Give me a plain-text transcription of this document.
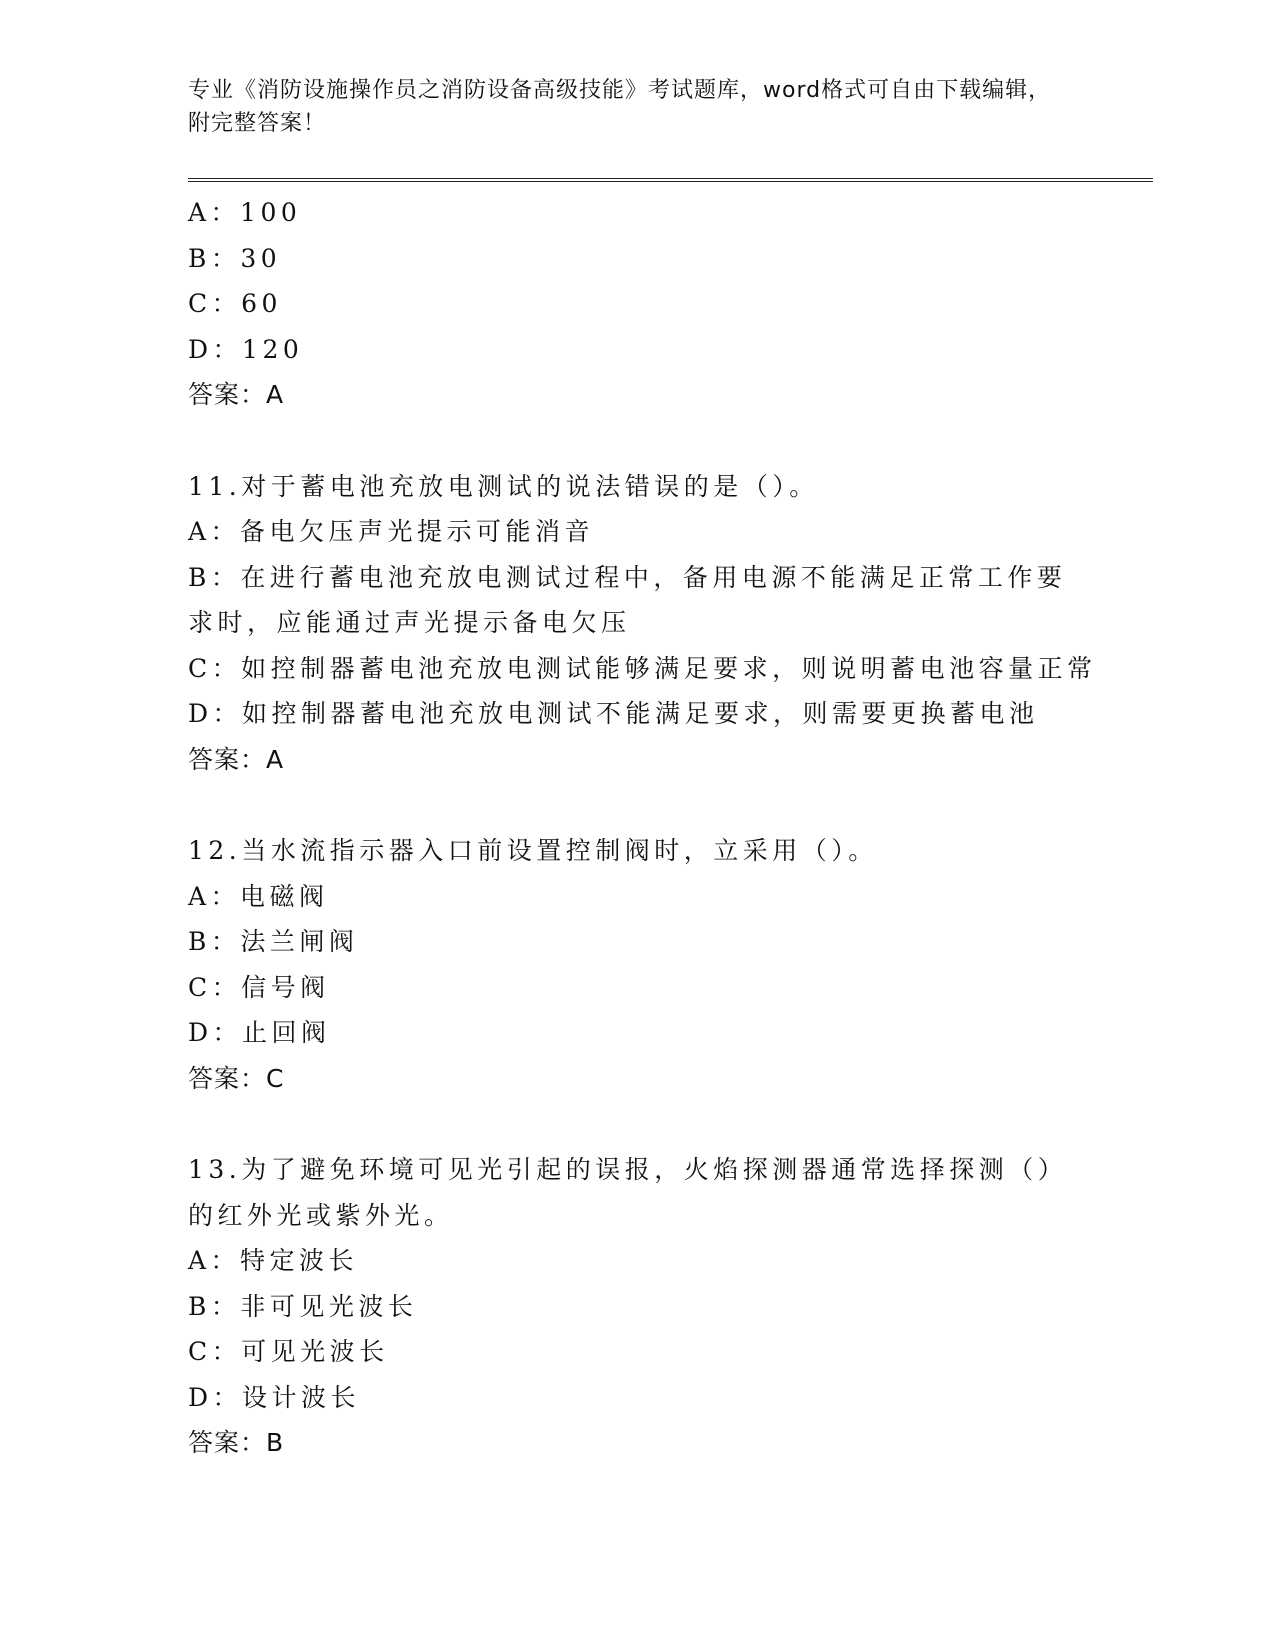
专业《消防设施操作员之消防设备高级技能》考试题库，word格式可自由下载编辑，附完整答案！
A：100
B：30
C：60
D：120
答案：A
11.对于蓄电池充放电测试的说法错误的是（）。
A：备电欠压声光提示可能消音
B：在进行蓄电池充放电测试过程中，备用电源不能满足正常工作要求时，应能通过声光提示备电欠压
C：如控制器蓄电池充放电测试能够满足要求，则说明蓄电池容量正常
D：如控制器蓄电池充放电测试不能满足要求，则需要更换蓄电池
答案：A
12.当水流指示器入口前设置控制阀时，立采用（）。
A：电磁阀
B：法兰闸阀
C：信号阀
D：止回阀
答案：C
13.为了避免环境可见光引起的误报，火焰探测器通常选择探测（）的红外光或紫外光。
A：特定波长
B：非可见光波长
C：可见光波长
D：设计波长
答案：B
